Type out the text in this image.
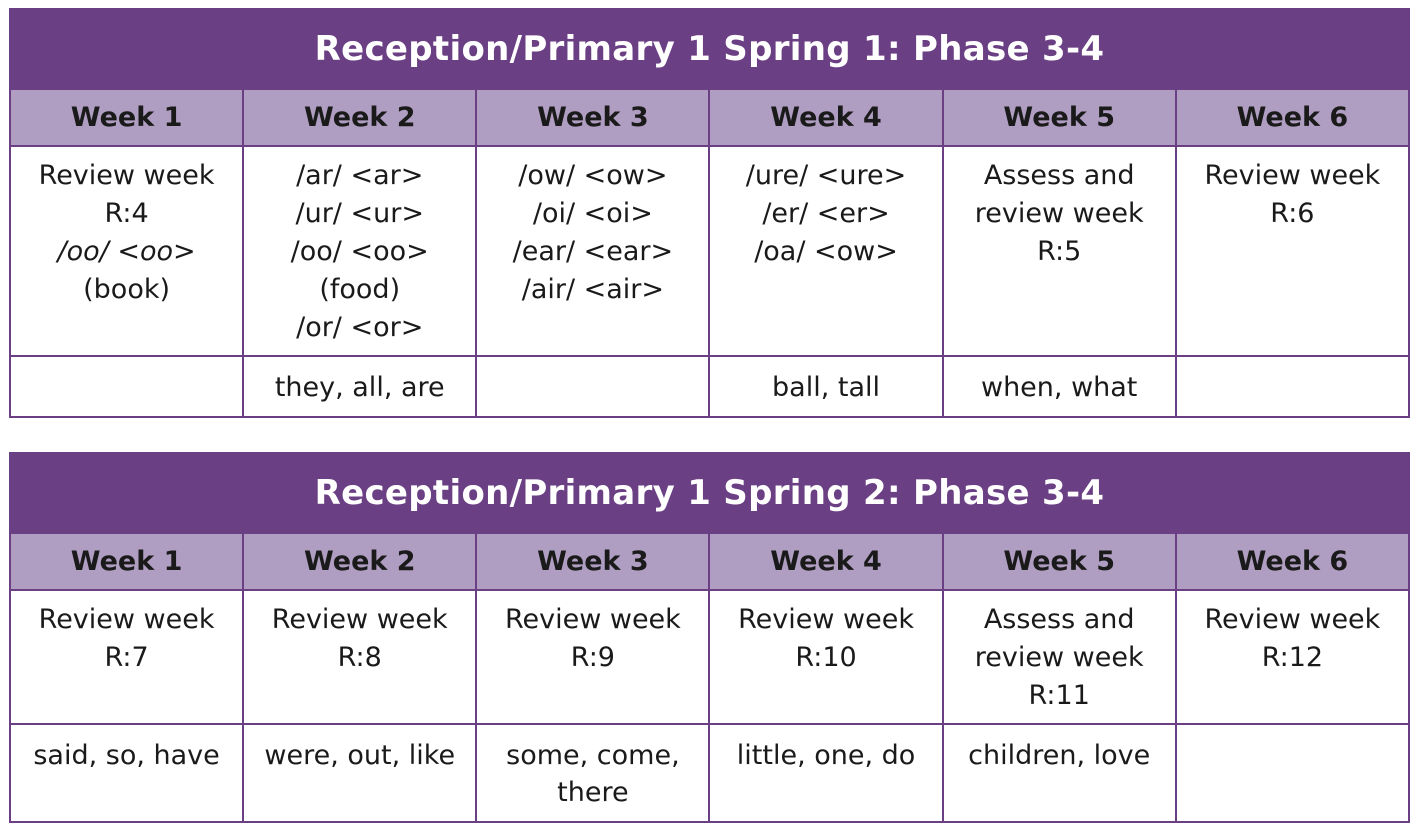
Reception/Primary 1 Spring 1: Phase 3-4					
Week 1	Week 2	Week 3	Week 4	Week 5	Week 6

Review week
R:4
/oo/ <oo>
(book)	/ar/ <ar>
/ur/ <ur>
/oo/ <oo>
(food)
/or/ <or>	/ow/ <ow>
/oi/ <oi>
/ear/ <ear>
/air/ <air>	/ure/ <ure>
/er/ <er>
/oa/ <ow>	Assess and
review week
R:5	Review week
R:6

	they, all, are		ball, tall	when, what	

Reception/Primary 1 Spring 2: Phase 3-4					
Week 1	Week 2	Week 3	Week 4	Week 5	Week 6

Review week
R:7	Review week
R:8	Review week
R:9	Review week
R:10	Assess and
review week
R:11	Review week
R:12

said, so, have	were, out, like	some, come,
there	little, one, do	children, love	
